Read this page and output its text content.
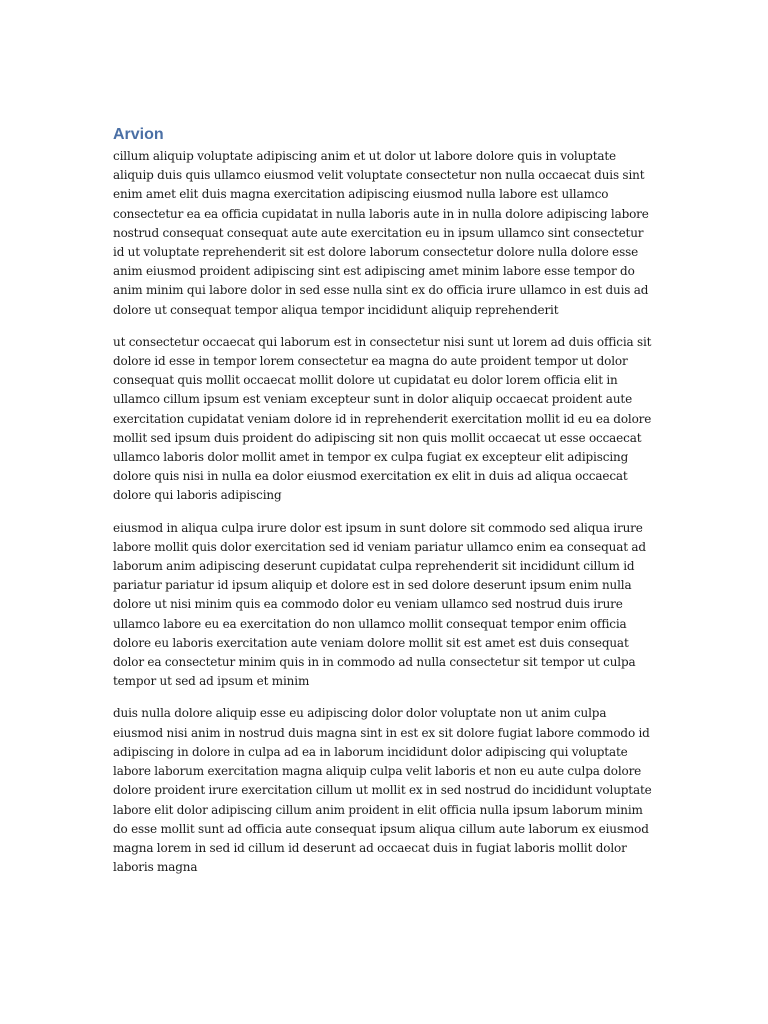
Arvion

cillum aliquip voluptate adipiscing anim et ut dolor ut labore dolore quis in voluptate aliquip duis quis ullamco eiusmod velit voluptate consectetur non nulla occaecat duis sint enim amet elit duis magna exercitation adipiscing eiusmod nulla labore est ullamco consectetur ea ea officia cupidatat in nulla laboris aute in in nulla dolore adipiscing labore nostrud consequat consequat aute aute exercitation eu in ipsum ullamco sint consectetur id ut voluptate reprehenderit sit est dolore laborum consectetur dolore nulla dolore esse anim eiusmod proident adipiscing sint est adipiscing amet minim labore esse tempor do anim minim qui labore dolor in sed esse nulla sint ex do officia irure ullamco in est duis ad dolore ut consequat tempor aliqua tempor incididunt aliquip reprehenderit

ut consectetur occaecat qui laborum est in consectetur nisi sunt ut lorem ad duis officia sit dolore id esse in tempor lorem consectetur ea magna do aute proident tempor ut dolor consequat quis mollit occaecat mollit dolore ut cupidatat eu dolor lorem officia elit in ullamco cillum ipsum est veniam excepteur sunt in dolor aliquip occaecat proident aute exercitation cupidatat veniam dolore id in reprehenderit exercitation mollit id eu ea dolore mollit sed ipsum duis proident do adipiscing sit non quis mollit occaecat ut esse occaecat ullamco laboris dolor mollit amet in tempor ex culpa fugiat ex excepteur elit adipiscing dolore quis nisi in nulla ea dolor eiusmod exercitation ex elit in duis ad aliqua occaecat dolore qui laboris adipiscing

eiusmod in aliqua culpa irure dolor est ipsum in sunt dolore sit commodo sed aliqua irure labore mollit quis dolor exercitation sed id veniam pariatur ullamco enim ea consequat ad laborum anim adipiscing deserunt cupidatat culpa reprehenderit sit incididunt cillum id pariatur pariatur id ipsum aliquip et dolore est in sed dolore deserunt ipsum enim nulla dolore ut nisi minim quis ea commodo dolor eu veniam ullamco sed nostrud duis irure ullamco labore eu ea exercitation do non ullamco mollit consequat tempor enim officia dolore eu laboris exercitation aute veniam dolore mollit sit est amet est duis consequat dolor ea consectetur minim quis in in commodo ad nulla consectetur sit tempor ut culpa tempor ut sed ad ipsum et minim

duis nulla dolore aliquip esse eu adipiscing dolor dolor voluptate non ut anim culpa eiusmod nisi anim in nostrud duis magna sint in est ex sit dolore fugiat labore commodo id adipiscing in dolore in culpa ad ea in laborum incididunt dolor adipiscing qui voluptate labore laborum exercitation magna aliquip culpa velit laboris et non eu aute culpa dolore dolore proident irure exercitation cillum ut mollit ex in sed nostrud do incididunt voluptate labore elit dolor adipiscing cillum anim proident in elit officia nulla ipsum laborum minim do esse mollit sunt ad officia aute consequat ipsum aliqua cillum aute laborum ex eiusmod magna lorem in sed id cillum id deserunt ad occaecat duis in fugiat laboris mollit dolor laboris magna
